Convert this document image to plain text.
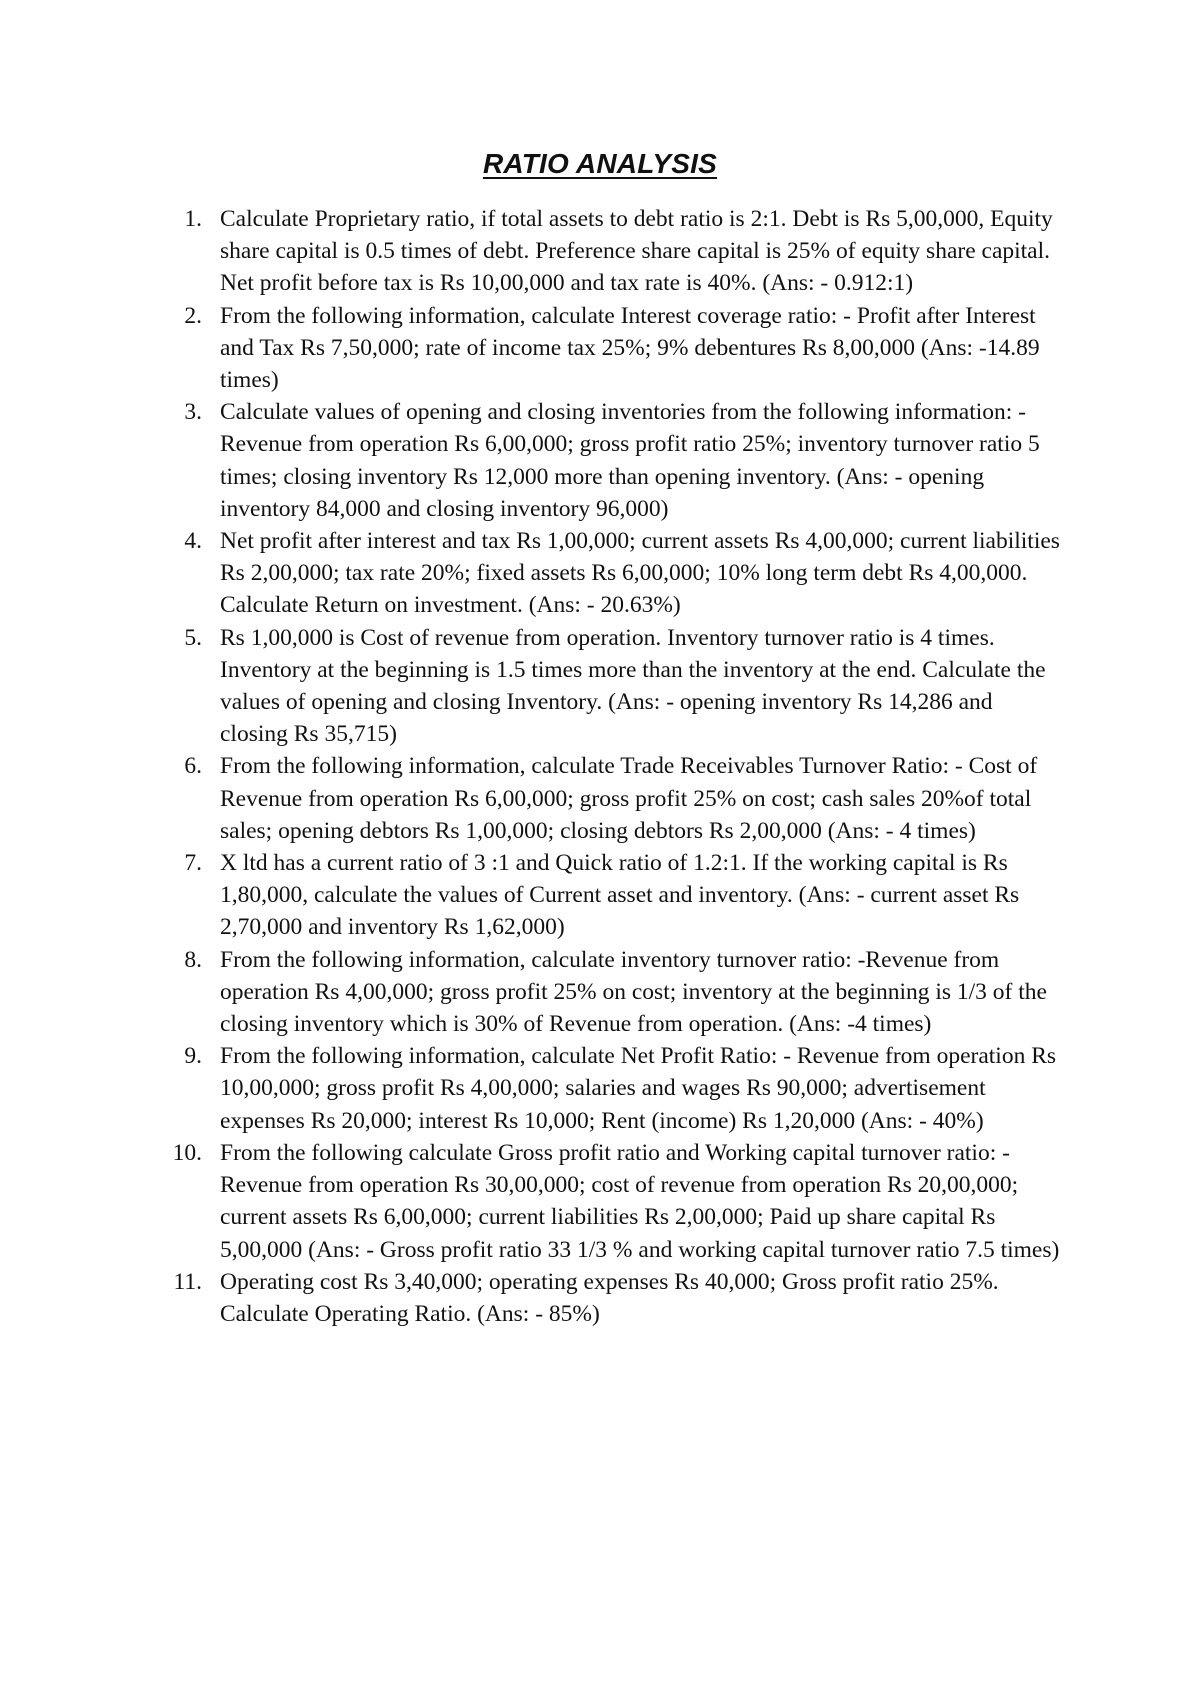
RATIO ANALYSIS
1. Calculate Proprietary ratio, if total assets to debt ratio is 2:1. Debt is Rs 5,00,000, Equity share capital is 0.5 times of debt. Preference share capital is 25% of equity share capital. Net profit before tax is Rs 10,00,000 and tax rate is 40%. (Ans: - 0.912:1)
2. From the following information, calculate Interest coverage ratio: - Profit after Interest and Tax Rs 7,50,000; rate of income tax 25%; 9% debentures Rs 8,00,000 (Ans: -14.89 times)
3. Calculate values of opening and closing inventories from the following information: - Revenue from operation Rs 6,00,000; gross profit ratio 25%; inventory turnover ratio 5 times; closing inventory Rs 12,000 more than opening inventory. (Ans: - opening inventory 84,000 and closing inventory 96,000)
4. Net profit after interest and tax Rs 1,00,000; current assets Rs 4,00,000; current liabilities Rs 2,00,000; tax rate 20%; fixed assets Rs 6,00,000; 10% long term debt Rs 4,00,000. Calculate Return on investment. (Ans: - 20.63%)
5. Rs 1,00,000 is Cost of revenue from operation. Inventory turnover ratio is 4 times. Inventory at the beginning is 1.5 times more than the inventory at the end. Calculate the values of opening and closing Inventory. (Ans: - opening inventory Rs 14,286 and closing Rs 35,715)
6. From the following information, calculate Trade Receivables Turnover Ratio: - Cost of Revenue from operation Rs 6,00,000; gross profit 25% on cost; cash sales 20%of total sales; opening debtors Rs 1,00,000; closing debtors Rs 2,00,000 (Ans: - 4 times)
7. X ltd has a current ratio of 3 :1 and Quick ratio of 1.2:1. If the working capital is Rs 1,80,000, calculate the values of Current asset and inventory. (Ans: - current asset Rs 2,70,000 and inventory Rs 1,62,000)
8. From the following information, calculate inventory turnover ratio: -Revenue from operation Rs 4,00,000; gross profit 25% on cost; inventory at the beginning is 1/3 of the closing inventory which is 30% of Revenue from operation. (Ans: -4 times)
9. From the following information, calculate Net Profit Ratio: - Revenue from operation Rs 10,00,000; gross profit Rs 4,00,000; salaries and wages Rs 90,000; advertisement expenses Rs 20,000; interest Rs 10,000; Rent (income) Rs 1,20,000 (Ans: - 40%)
10. From the following calculate Gross profit ratio and Working capital turnover ratio: -Revenue from operation Rs 30,00,000; cost of revenue from operation Rs 20,00,000; current assets Rs 6,00,000; current liabilities Rs 2,00,000; Paid up share capital Rs 5,00,000 (Ans: - Gross profit ratio 33 1/3 % and working capital turnover ratio 7.5 times)
11. Operating cost Rs 3,40,000; operating expenses Rs 40,000; Gross profit ratio 25%. Calculate Operating Ratio. (Ans: - 85%)
